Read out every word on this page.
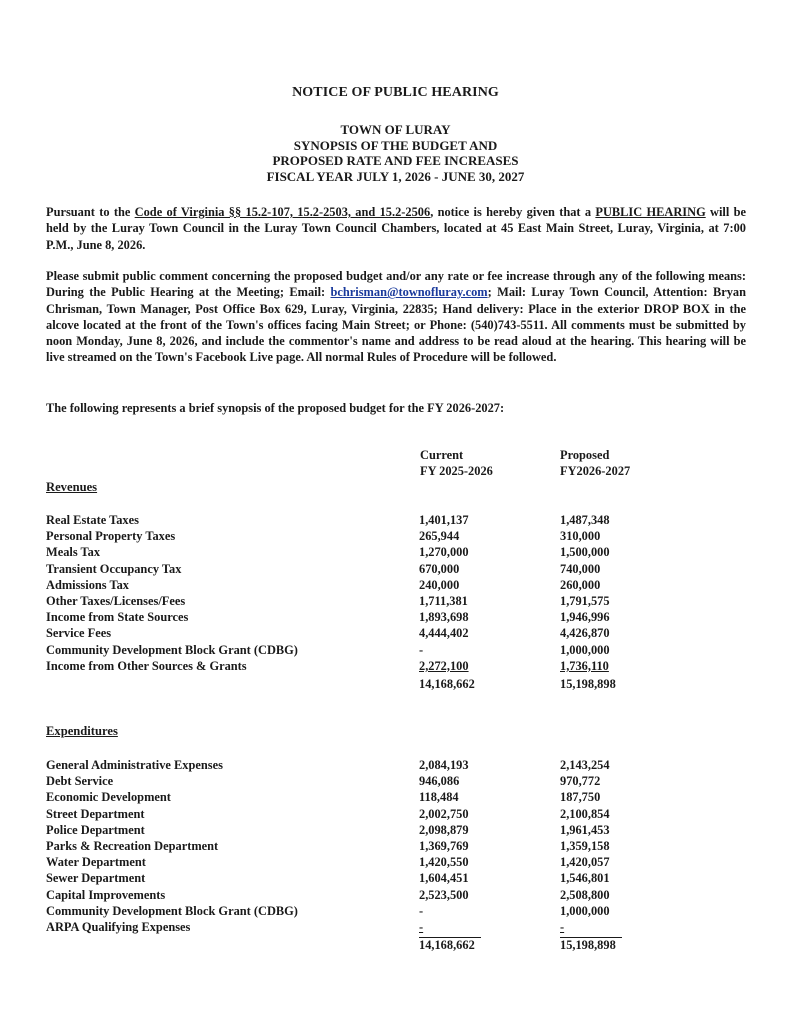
NOTICE OF PUBLIC HEARING
TOWN OF LURAY
SYNOPSIS OF THE BUDGET AND
PROPOSED RATE AND FEE INCREASES
FISCAL YEAR JULY 1, 2026 - JUNE 30, 2027
Pursuant to the Code of Virginia §§ 15.2-107, 15.2-2503, and 15.2-2506, notice is hereby given that a PUBLIC HEARING will be held by the Luray Town Council in the Luray Town Council Chambers, located at 45 East Main Street, Luray, Virginia, at 7:00 P.M., June 8, 2026.
Please submit public comment concerning the proposed budget and/or any rate or fee increase through any of the following means: During the Public Hearing at the Meeting; Email: bchrisman@townofluray.com; Mail: Luray Town Council, Attention: Bryan Chrisman, Town Manager, Post Office Box 629, Luray, Virginia, 22835; Hand delivery: Place in the exterior DROP BOX in the alcove located at the front of the Town's offices facing Main Street; or Phone: (540)743-5511. All comments must be submitted by noon Monday, June 8, 2026, and include the commentor's name and address to be read aloud at the hearing. This hearing will be live streamed on the Town's Facebook Live page. All normal Rules of Procedure will be followed.
The following represents a brief synopsis of the proposed budget for the FY 2026-2027:
Current
FY 2025-2026
Proposed
FY2026-2027
Revenues
Real Estate Taxes	1,401,137	1,487,348
Personal Property Taxes	265,944	310,000
Meals Tax	1,270,000	1,500,000
Transient Occupancy Tax	670,000	740,000
Admissions Tax	240,000	260,000
Other Taxes/Licenses/Fees	1,711,381	1,791,575
Income from State Sources	1,893,698	1,946,996
Service Fees	4,444,402	4,426,870
Community Development Block Grant (CDBG)	-	1,000,000
Income from Other Sources & Grants	2,272,100	1,736,110
14,168,662	15,198,898
Expenditures
General Administrative Expenses	2,084,193	2,143,254
Debt Service	946,086	970,772
Economic Development	118,484	187,750
Street Department	2,002,750	2,100,854
Police Department	2,098,879	1,961,453
Parks & Recreation Department	1,369,769	1,359,158
Water Department	1,420,550	1,420,057
Sewer Department	1,604,451	1,546,801
Capital Improvements	2,523,500	2,508,800
Community Development Block Grant (CDBG)	-	1,000,000
ARPA Qualifying Expenses	-	-
14,168,662	15,198,898
